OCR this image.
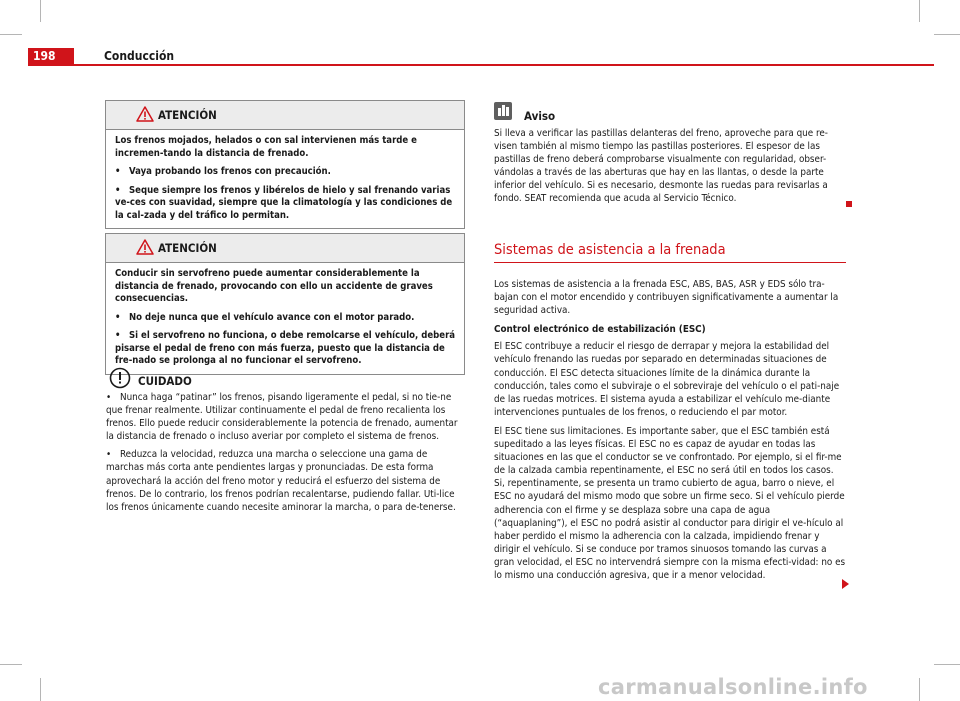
198	Conducción
ATENCIÓN

Los frenos mojados, helados o con sal intervienen más tarde e incremen-tando la distancia de frenado.

• Vaya probando los frenos con precaución.

• Seque siempre los frenos y libérelos de hielo y sal frenando varias ve-ces con suavidad, siempre que la climatología y las condiciones de la cal-zada y del tráfico lo permitan.

ATENCIÓN

Conducir sin servofreno puede aumentar considerablemente la distancia de frenado, provocando con ello un accidente de graves consecuencias.

• No deje nunca que el vehículo avance con el motor parado.

• Si el servofreno no funciona, o debe remolcarse el vehículo, deberá pisarse el pedal de freno con más fuerza, puesto que la distancia de fre-nado se prolonga al no funcionar el servofreno.

CUIDADO

• Nunca haga “patinar” los frenos, pisando ligeramente el pedal, si no tie-ne que frenar realmente. Utilizar continuamente el pedal de freno recalienta los frenos. Ello puede reducir considerablemente la potencia de frenado, aumentar la distancia de frenado o incluso averiar por completo el sistema de frenos.

• Reduzca la velocidad, reduzca una marcha o seleccione una gama de marchas más corta ante pendientes largas y pronunciadas. De esta forma aprovechará la acción del freno motor y reducirá el esfuerzo del sistema de frenos. De lo contrario, los frenos podrían recalentarse, pudiendo fallar. Uti-lice los frenos únicamente cuando necesite aminorar la marcha, o para de-tenerse.

Aviso
Si lleva a verificar las pastillas delanteras del freno, aproveche para que re-visen también al mismo tiempo las pastillas posteriores. El espesor de las pastillas de freno deberá comprobarse visualmente con regularidad, obser-vándolas a través de las aberturas que hay en las llantas, o desde la parte inferior del vehículo. Si es necesario, desmonte las ruedas para revisarlas a fondo. SEAT recomienda que acuda al Servicio Técnico.
Sistemas de asistencia a la frenada

Los sistemas de asistencia a la frenada ESC, ABS, BAS, ASR y EDS sólo tra-bajan con el motor encendido y contribuyen significativamente a aumentar la seguridad activa.

Control electrónico de estabilización (ESC)

El ESC contribuye a reducir el riesgo de derrapar y mejora la estabilidad del vehículo frenando las ruedas por separado en determinadas situaciones de conducción. El ESC detecta situaciones límite de la dinámica durante la conducción, tales como el subviraje o el sobreviraje del vehículo o el pati-naje de las ruedas motrices. El sistema ayuda a estabilizar el vehículo me-diante intervenciones puntuales de los frenos, o reduciendo el par motor.

El ESC tiene sus limitaciones. Es importante saber, que el ESC también está supeditado a las leyes físicas. El ESC no es capaz de ayudar en todas las situaciones en las que el conductor se ve confrontado. Por ejemplo, si el fir-me de la calzada cambia repentinamente, el ESC no será útil en todos los casos. Si, repentinamente, se presenta un tramo cubierto de agua, barro o nieve, el ESC no ayudará del mismo modo que sobre un firme seco. Si el vehículo pierde adherencia con el firme y se desplaza sobre una capa de agua (“aquaplaning”), el ESC no podrá asistir al conductor para dirigir el ve-hículo al haber perdido el mismo la adherencia con la calzada, impidiendo frenar y dirigir el vehículo. Si se conduce por tramos sinuosos tomando las curvas a gran velocidad, el ESC no intervendrá siempre con la misma efecti-vidad: no es lo mismo una conducción agresiva, que ir a menor velocidad.

carmanualsonline.info
